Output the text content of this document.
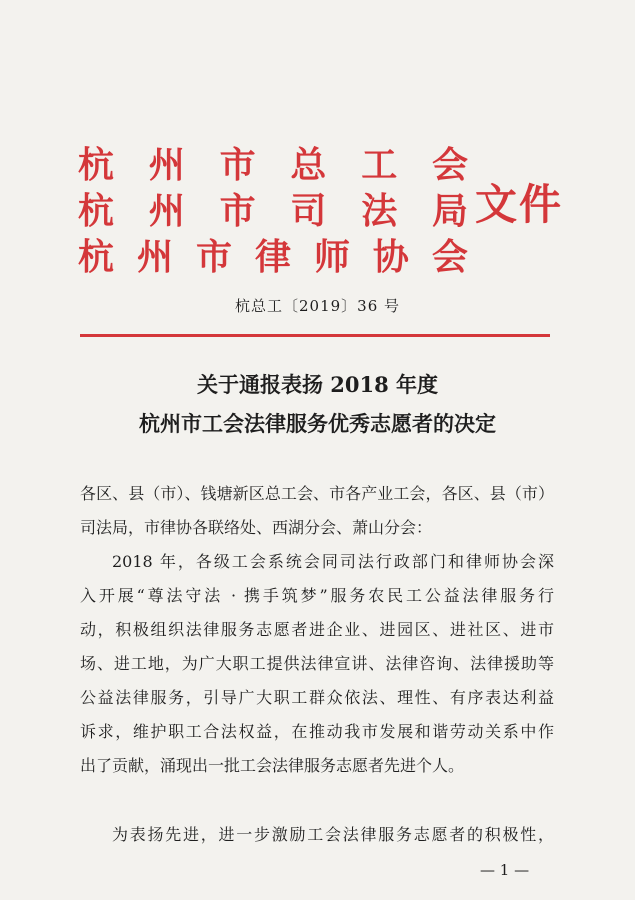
杭 州 市 总 工 会
杭 州 市 司 法 局
杭 州 市 律 师 协 会
文件
杭总工〔2019〕36 号
关于通报表扬 2018 年度
杭州市工会法律服务优秀志愿者的决定
各区、县（市）、钱塘新区总工会、市各产业工会，各区、县（市）
司法局，市律协各联络处、西湖分会、萧山分会：
2018 年，各级工会系统会同司法行政部门和律师协会深
入开展“尊法守法 · 携手筑梦”服务农民工公益法律服务行
动，积极组织法律服务志愿者进企业、进园区、进社区、进市
场、进工地，为广大职工提供法律宣讲、法律咨询、法律援助等
公益法律服务，引导广大职工群众依法、理性、有序表达利益
诉求，维护职工合法权益，在推动我市发展和谐劳动关系中作
出了贡献，涌现出一批工会法律服务志愿者先进个人。
为表扬先进，进一步激励工会法律服务志愿者的积极性，
— 1 —
